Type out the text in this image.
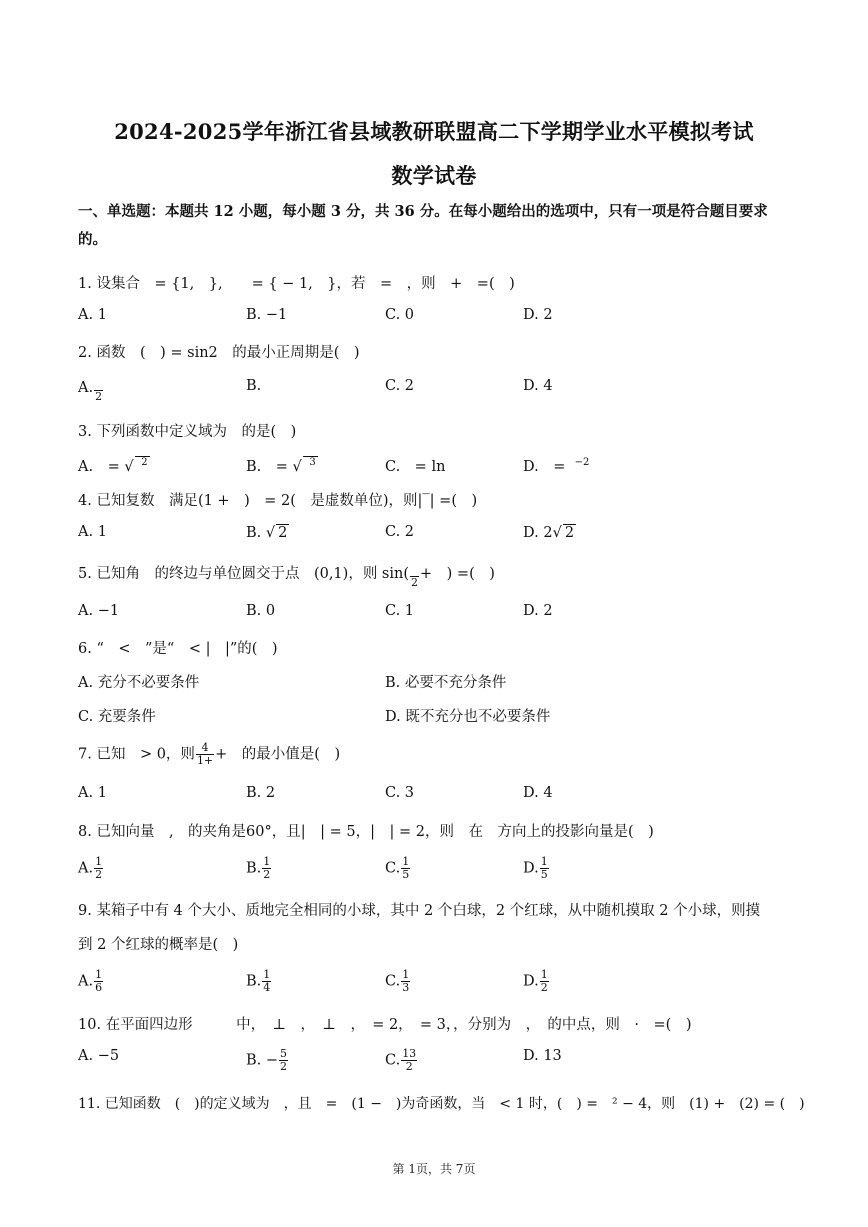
2024-2025学年浙江省县域教研联盟高二下学期学业水平模拟考试
数学试卷
一、单选题：本题共 12 小题，每小题 3 分，共 36 分。在每小题给出的选项中，只有一项是符合题目要求的。
1. 设集合　= {1,　},　　= { − 1,　}，若　=　，则　+　=(　)
A. 1	B. −1	C. 0	D. 2
2. 函数　(　) = sin2　的最小正周期是(　)
A.
2
B.	C. 2	D. 4
3. 下列函数中定义域为　的是(　)
A.　= √ $^2$	B.　= √ $^3$	C.　= ln	D.　= $^{-2}$
4. 已知复数　满足(1 +　)　= 2(　是虚数单位)，则|‾| =(　)
A. 1	B. √ 2	C. 2	D. 2√ 2
5. 已知角　的终边与单位圆交于点　(0,1)，则 sin(
2
+　) =(　)
A. −1	B. 0	C. 1	D. 2
6. “　<　”是“　< |　|”的(　)
A. 充分不必要条件	B. 必要不充分条件
C. 充要条件	D. 既不充分也不必要条件
7. 已知　> 0，则 $\frac{4}{1+}$ +　的最小值是(　)
A. 1	B. 2	C. 3	D. 4
8. 已知向量　,　的夹角是60°，且|　| = 5，|　| = 2，则　在　方向上的投影向量是(　)
A. $\frac{1}{2}$	B. $\frac{1}{2}$	C. $\frac{1}{5}$	D. $\frac{1}{5}$
9. 某箱子中有 4 个大小、质地完全相同的小球，其中 2 个白球，2 个红球，从中随机摸取 2 个小球，则摸
到 2 个红球的概率是(　)
A. $\frac{1}{6}$	B. $\frac{1}{4}$	C. $\frac{1}{3}$	D. $\frac{1}{2}$
10. 在平面四边形　　　中，　⊥　，　⊥　，　= 2，　= 3，，分别为　，　的中点，则　·　=(　)
A. −5	B. − $\frac{5}{2}$	C. $\frac{13}{2}$	D. 13
11. 已知函数　(　)的定义域为　，且　=　(1 −　)为奇函数，当　< 1 时，(　) =　² − 4，则　(1) +　(2) = (　)
第 1页，共 7页
